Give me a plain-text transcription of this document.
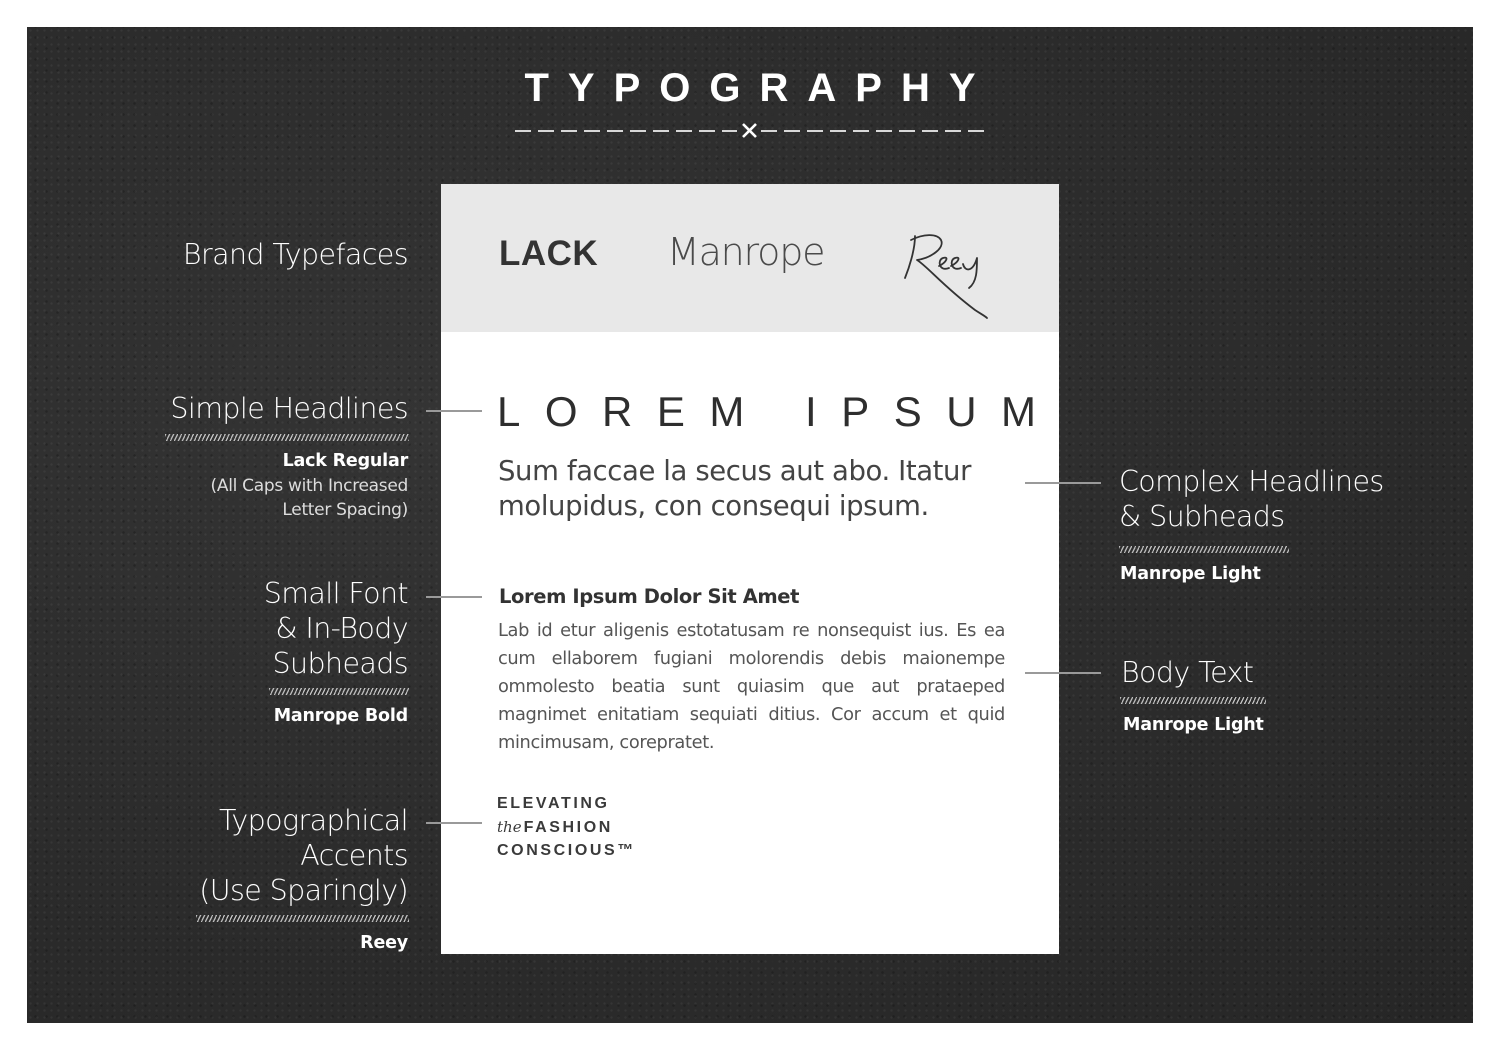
TYPOGRAPHY
LACK Manrope
LOREM IPSUM
Sum faccae la secus aut abo. Itatur molupidus, con consequi ipsum.
Lorem Ipsum Dolor Sit Amet
Lab id etur aligenis estotatusam re nonsequist ius. Es ea cum ellaborem fugiani molorendis debis maionempe ommolesto beatia sunt quiasim que aut prataeped magnimet enitatiam sequiati ditius. Cor accum et quid mincimusam, corepratet.
ELEVATING
the FASHION
CONSCIOUS™
Brand Typefaces
Simple Headlines
Lack Regular
(All Caps with Increased
Letter Spacing)
Small Font
& In-Body
Subheads
Manrope Bold
Typographical
Accents
(Use Sparingly)
Reey
Complex Headlines
& Subheads
Manrope Light
Body Text
Manrope Light
